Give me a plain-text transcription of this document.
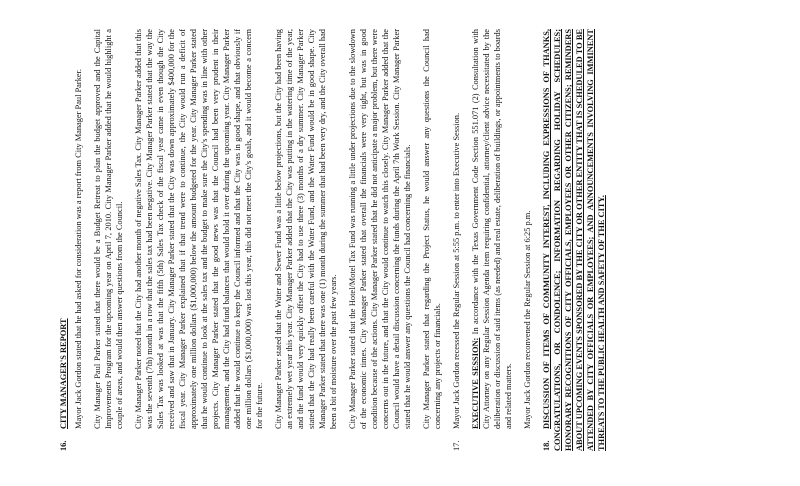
16.CITY MANAGER'S REPORT Mayor Jack Gordon stated that he had asked for consideration was a report from City Manager Paul Parker. City Manager Paul Parker stated that there would be a Budget Retreat to plan the budget approved and the Capital Improvements Program for the upcoming year on April 7, 2010. City Manager Parker added that he would highlight a couple of areas, and would then answer questions from the Council. City Manager Parker noted that the City had another month of negative Sales Tax. City Manager Parker added that this was the seventh (7th) month in a row that the sales tax had been negative. City Manager Parker stated that the way the Sales Tax was looked at was that the fifth (5th) Sales Tax check of the fiscal year came in even though the City received and saw that in January. City Manager Parker stated that the City was down approximately $400,000 for the fiscal year. City Manager Parker explained that if that trend were to continue, the City would run a deficit of approximately one million dollars ($1,000,000) below the amount budgeted for the year. City Manager Parker stated that he would continue to look at the sales tax and the budget to make sure the City's spending was in line with other projects. City Manager Parker stated that the good news was that the Council had been very prudent in their management, and the City had fund balances that would hold it over during the upcoming year. City Manager Parker added that he would continue to keep the Council informed and that the City was in good shape, and that obviously if one million dollars ($1,000,000) was lost this year, this did not meet the City's goals, and it would become a concern for the future. City Manager Parker stated that the Water and Sewer Fund was a little below projections, but the City had been having an extremely wet year this year. City Manager Parker added that the City was putting in the watering time of the year, and the fund would very quickly offset the City had to use three (3) months of a dry summer. City Manager Parker stated that the City had really been careful with the Water Fund, and the Water Fund would be in good shape. City Manager Parker stated that there was one (1) month during the summer that had been very dry, and the City overall had been a bit of moisture over the past few years. City Manager Parker stated that the Hotel/Motel Tax Fund was running a little under projections due to the slowdown of the economic times. City Manager Parker stated that overall the financials were very tight, but was in good condition because of the actions. City Manager Parker stated that he did not anticipate a major problem, but there were concerns out in the future, and that the City would continue to watch this closely. City Manager Parker added that the Council would have a detail discussion concerning the funds during the April 7th Work Session. City Manager Parker stated that he would answer any questions the Council had concerning the financials. City Manager Parker stated that regarding the Project Status, he would answer any questions the Council had concerning any projects or financials.

17.
Mayor Jack Gordon recessed the Regular Session at 5:55 p.m. to enter into Executive Session. EXECUTIVE SESSION: In accordance with the Texas Government Code Section 551.071 (2) Consultation with City Attorney on any Regular Session Agenda item requiring confidential, attorney/client advice necessitated by the deliberation or discussion of said items (as needed) and real estate, deliberation of buildings, or appointments to boards and related matters. Mayor Jack Gordon reconvened the Regular Session at 6:25 p.m.

18.DISCUSSION OF ITEMS OF COMMUNITY INTEREST, INCLUDING EXPRESSIONS OF THANKS, CONGRATULATIONS, OR CONDOLENCE; INFORMATION REGARDING HOLIDAY SCHEDULES; HONORARY RECOGNITIONS OF CITY OFFICIALS, EMPLOYEES OR OTHER CITIZENS; REMINDERS ABOUT UPCOMING EVENTS SPONSORED BY THE CITY OR OTHER ENTITY THAT IS SCHEDULED TO BE ATTENDED BY CITY OFFICIALS OR EMPLOYEES; AND ANNOUNCEMENTS INVOLVING IMMINENT THREATS TO THE PUBLIC HEALTH AND SAFETY OF THE CITY.
